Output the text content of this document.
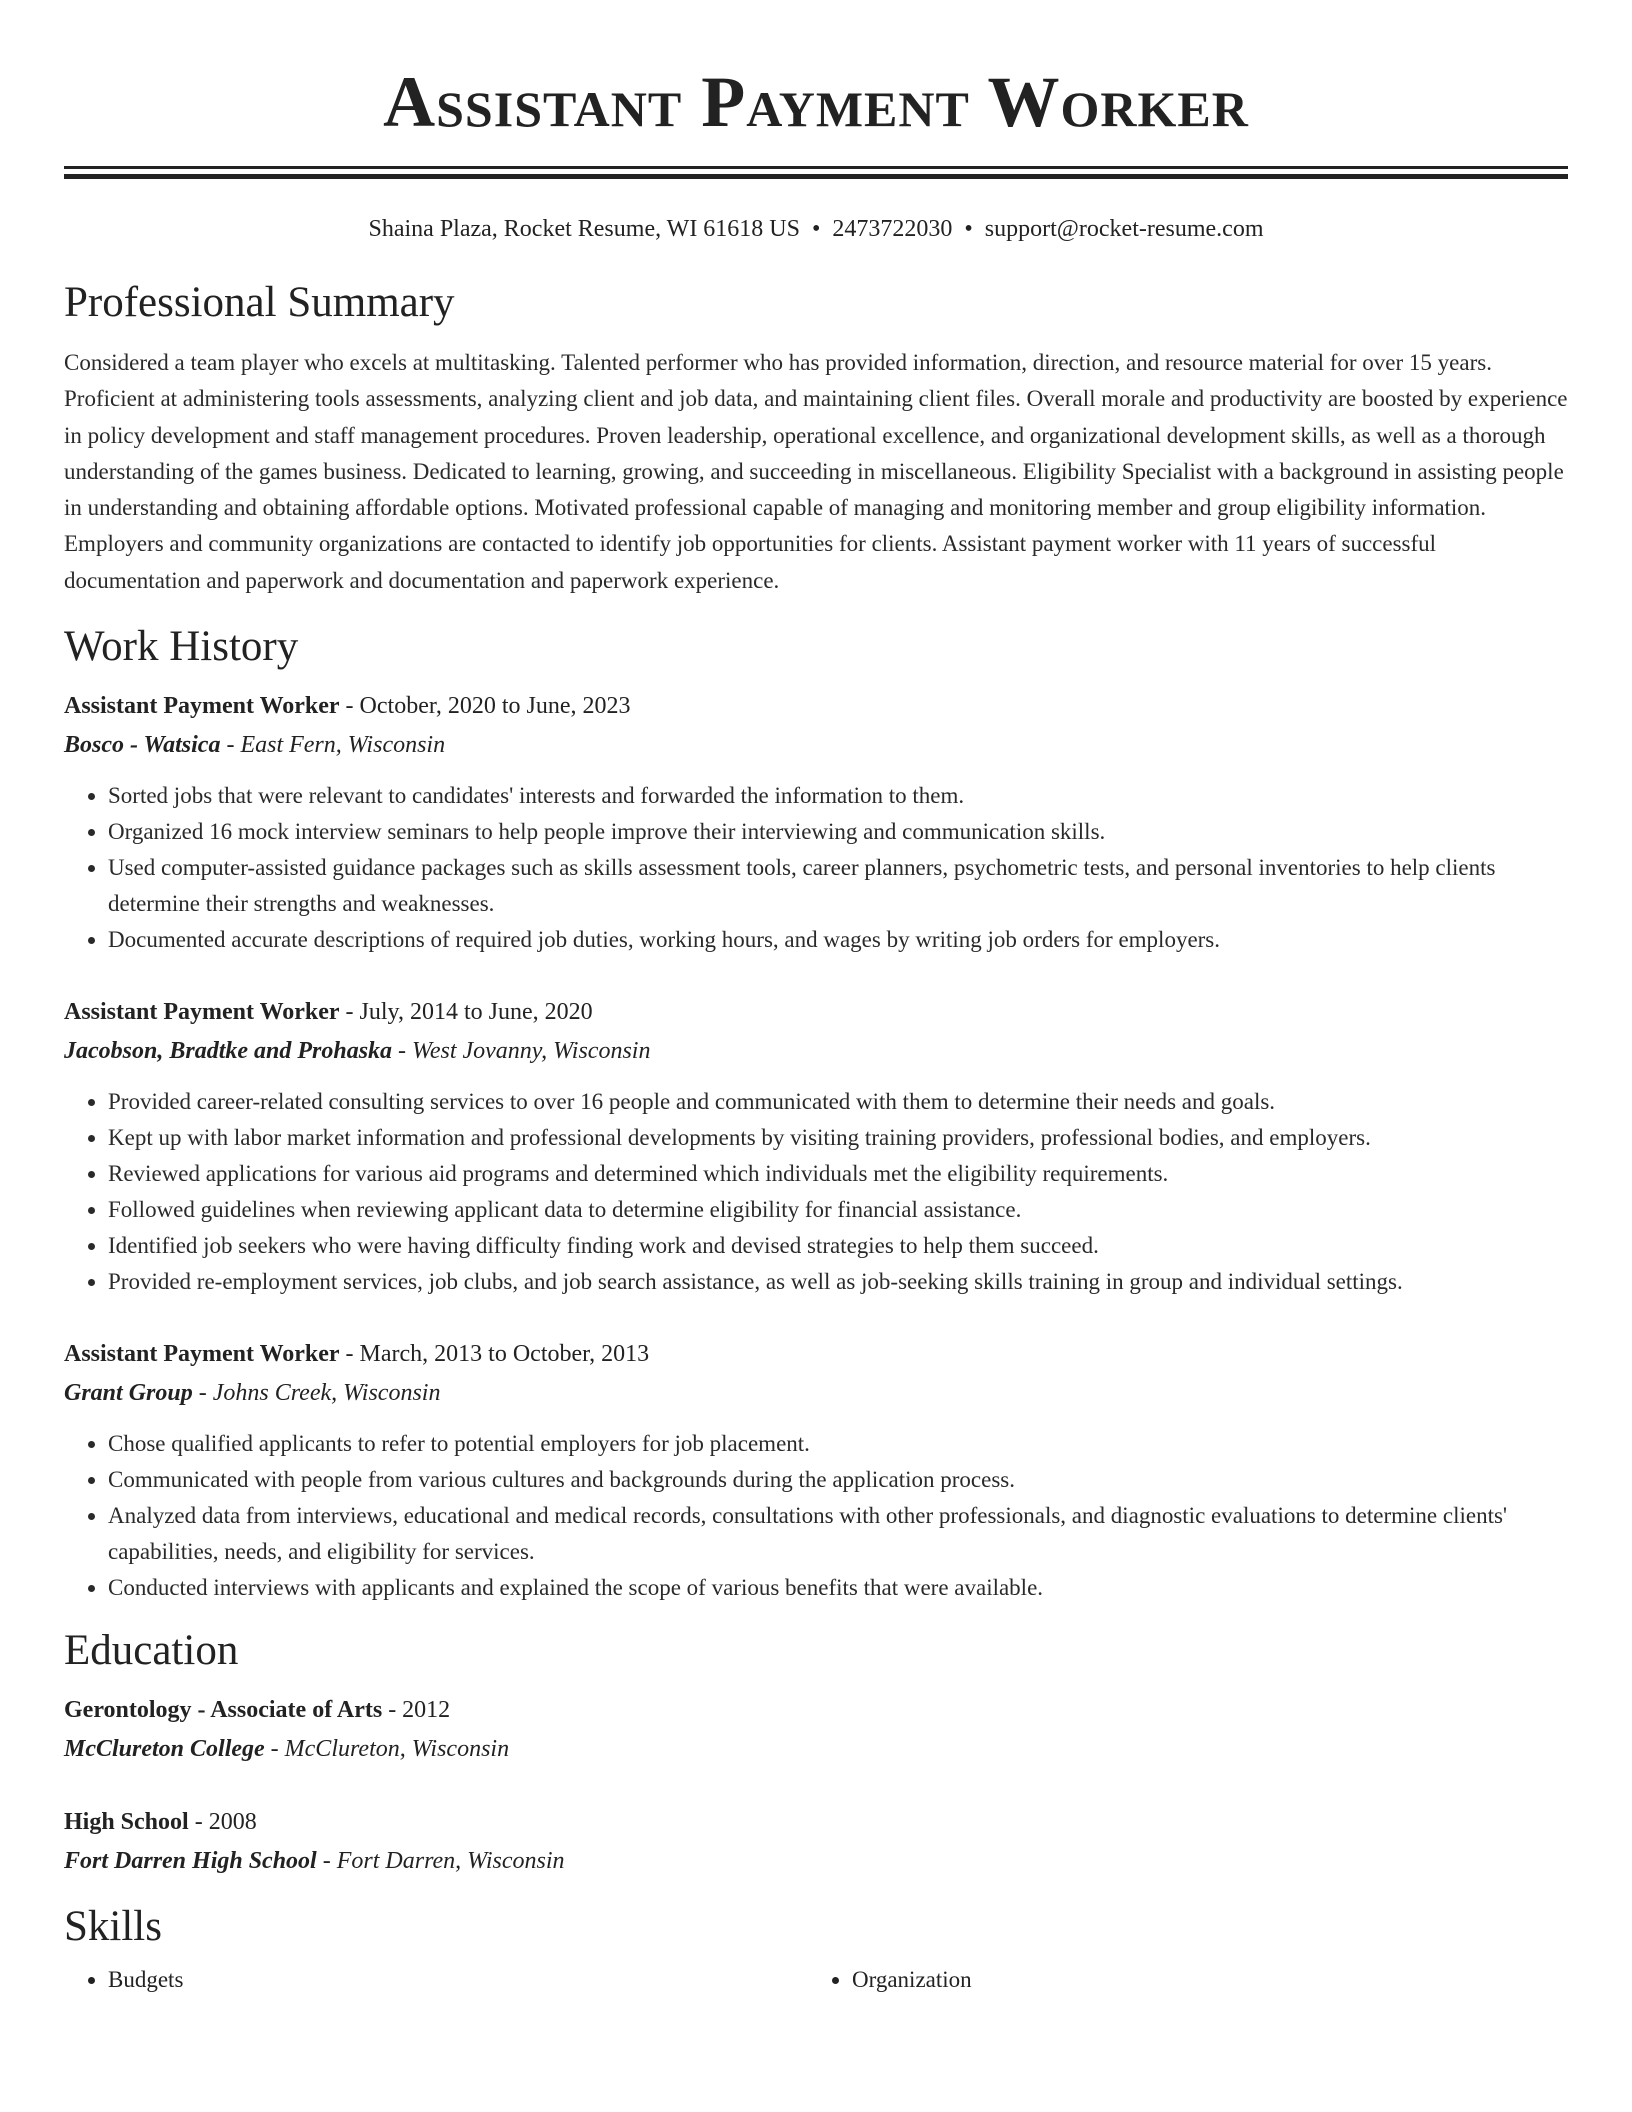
Assistant Payment Worker
Shaina Plaza, Rocket Resume, WI 61618 US • 2473722030 • support@rocket-resume.com
Professional Summary

Considered a team player who excels at multitasking. Talented performer who has provided information, direction, and resource material for over 15 years. Proficient at administering tools assessments, analyzing client and job data, and maintaining client files. Overall morale and productivity are boosted by experience in policy development and staff management procedures. Proven leadership, operational excellence, and organizational development skills, as well as a thorough understanding of the games business. Dedicated to learning, growing, and succeeding in miscellaneous. Eligibility Specialist with a background in assisting people in understanding and obtaining affordable options. Motivated professional capable of managing and monitoring member and group eligibility information. Employers and community organizations are contacted to identify job opportunities for clients. Assistant payment worker with 11 years of successful documentation and paperwork and documentation and paperwork experience.

Work History
Assistant Payment Worker - October, 2020 to June, 2023
Bosco - Watsica - East Fern, Wisconsin
• Sorted jobs that were relevant to candidates' interests and forwarded the information to them.
• Organized 16 mock interview seminars to help people improve their interviewing and communication skills.
• Used computer-assisted guidance packages such as skills assessment tools, career planners, psychometric tests, and personal inventories to help clients determine their strengths and weaknesses.
• Documented accurate descriptions of required job duties, working hours, and wages by writing job orders for employers.
Assistant Payment Worker - July, 2014 to June, 2020
Jacobson, Bradtke and Prohaska - West Jovanny, Wisconsin
• Provided career-related consulting services to over 16 people and communicated with them to determine their needs and goals.
• Kept up with labor market information and professional developments by visiting training providers, professional bodies, and employers.
• Reviewed applications for various aid programs and determined which individuals met the eligibility requirements.
• Followed guidelines when reviewing applicant data to determine eligibility for financial assistance.
• Identified job seekers who were having difficulty finding work and devised strategies to help them succeed.
• Provided re-employment services, job clubs, and job search assistance, as well as job-seeking skills training in group and individual settings.
Assistant Payment Worker - March, 2013 to October, 2013
Grant Group - Johns Creek, Wisconsin
• Chose qualified applicants to refer to potential employers for job placement.
• Communicated with people from various cultures and backgrounds during the application process.
• Analyzed data from interviews, educational and medical records, consultations with other professionals, and diagnostic evaluations to determine clients' capabilities, needs, and eligibility for services.
• Conducted interviews with applicants and explained the scope of various benefits that were available.
Education
Gerontology - Associate of Arts - 2012
McClureton College - McClureton, Wisconsin
High School - 2008
Fort Darren High School - Fort Darren, Wisconsin
Skills
• Budgets
•	Organization
